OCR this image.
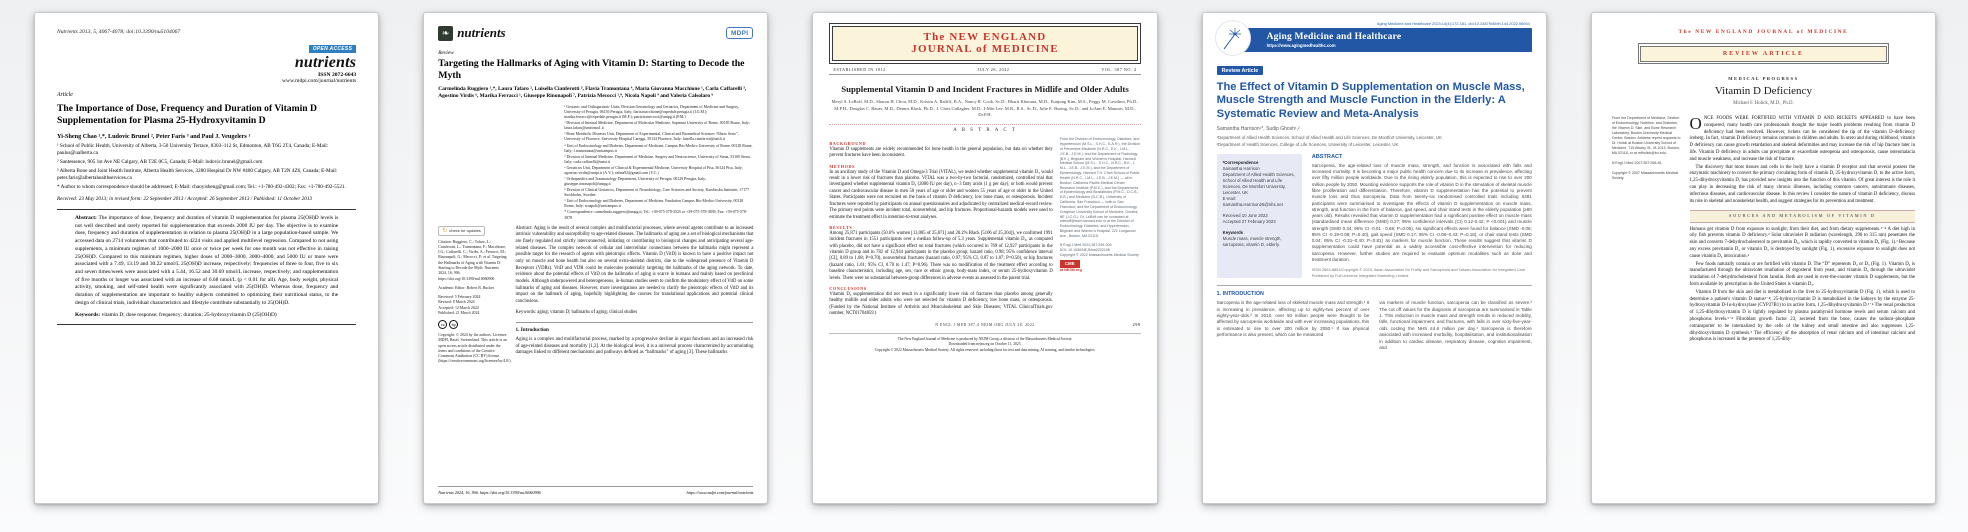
Nutrients 2013, 5, 4067-4078; doi:10.3390/nu5104067
OPEN ACCESS
nutrients
ISSN 2072-6643
www.mdpi.com/journal/nutrients
Article
The Importance of Dose, Frequency and Duration of Vitamin D Supplementation for Plasma 25-Hydroxyvitamin D
Yi-Sheng Chao ¹,*, Ludovic Brunel ², Peter Faris ³ and Paul J. Veugelers ¹
¹ School of Public Health, University of Alberta, 3-50 University Terrace, 8303–112 St, Edmonton, AB T6G 2T4, Canada; E-Mail: paulus@ualberta.ca
² Santessence, 905 1st Ave NE Calgary, AB T2E 0C5, Canada; E-Mail: ludovic.brunel@gmail.com
³ Alberta Bone and Joint Health Institute, Alberta Health Services, 3280 Hospital Dr NW #400 Calgary, AB T2N 4Z6, Canada; E-Mail: peter.faris@albertahealthservices.ca
* Author to whom correspondence should be addressed; E-Mail: chaoyisheng@gmail.com; Tel.: +1-780-492-4302; Fax: +1-780-492-5521.
Received: 23 May 2013; in revised form: 22 September 2013 / Accepted: 26 September 2013 / Published: 11 October 2013
Abstract: The importance of dose, frequency and duration of vitamin D supplementation for plasma 25(OH)D levels is not well described and rarely reported for supplementation that exceeds 2000 IU per day. The objective is to examine dose, frequency and duration of supplementation in relation to plasma 25(OH)D in a large population-based sample. We accessed data on 2714 volunteers that contributed to 4224 visits and applied multilevel regression. Compared to not using supplements, a minimum regimen of 1000–2000 IU once or twice per week for one month was not effective in raising 25(OH)D. Compared to this minimum regimen, higher doses of 2000–3000, 3000–4000, and 5000 IU or more were associated with a 7.49, 13.19 and 30.22 nmol/L 25(OH)D increase, respectively; frequencies of three to four, five to six and seven times/week were associated with a 5.44, 16.52 and 30.69 nmol/L increase, respectively; and supplementation of five months or longer was associated with an increase of 6.68 nmol/L (p < 0.01 for all). Age, body weight, physical activity, smoking, and self-rated health were significantly associated with 25(OH)D. Whereas dose, frequency and duration of supplementation are important to healthy subjects committed to optimizing their nutritional status, to the design of clinical trials, individual characteristics and lifestyle contribute substantially to 25(OH)D.
Keywords: vitamin D; dose response; frequency; duration; 25-hydroxyvitamin D (25(OH)D)
❧ nutrients	MDPI
Review
Targeting the Hallmarks of Aging with Vitamin D: Starting to Decode the Myth
Carmelinda Ruggiero ¹,*, Laura Tafaro ², Luisella Cianferotti ³, Flavia Tramontana ⁴, Maria Giovanna Macchione ¹, Carla Caffarelli ⁵, Agostino Virdis ⁶, Marika Ferracci ¹, Giuseppe Rinonapoli ⁷, Patrizia Mecocci ¹,⁸, Nicola Napoli ⁹ and Valeria Calsolaro ⁶
¹ Geriatric and Orthogeriatric Units, Division Gerontology and Geriatrics, Department of Medicine and Surgery, University of Perugia, 06156 Perugia, Italy; ilaria.macchione@ospedale.perugia.it (I.G.M.); marika.ferracci@ospedale.perugia.it (M.F.); patrizia.mecocci@unipg.it (P.M.)
² Division of Internal Medicine, Department of Molecular Medicine, Sapienza University of Rome, 00185 Rome, Italy; laura.tafaro@uniroma1.it
³ Bone Metabolic Diseases Unit, Department of Experimental, Clinical and Biomedical Sciences “Mario Serio”, University of Florence, University Hospital Careggi, 50134 Florence, Italy; luisella.cianferotti@unifi.it
⁴ Unit of Endocrinology and Diabetes, Department of Medicine, Campus Bio-Medico University of Rome, 00128 Rome, Italy; f.tramontana@unicampus.it
⁵ Division of Internal Medicine, Department of Medicine, Surgery and Neuroscience, University of Siena, 53100 Siena, Italy; carla.caffarelli@unisi.it
⁶ Geriatrics Unit, Department of Clinical & Experimental Medicine, University Hospital of Pisa, 56124 Pisa, Italy; agostino.virdis@unipi.it (A.V.); valina92@gmail.com (V.C.)
⁷ Orthopaedics and Traumatology Department, University of Perugia, 06129 Perugia, Italy; giuseppe.rinonapoli@unipg.it
⁸ Division of Clinical Geriatrics, Department of Neurobiology, Care Sciences and Society, Karolinska Institutet, 17177 Stockholm, Sweden
⁹ Unit of Endocrinology and Diabetes, Department of Medicine, Fundation Campus Bio-Medico University, 00128 Rome, Italy; n.napoli@unicampus.it
* Correspondence: carmelinda.ruggiero@unipg.it; Tel.: +39-075-578-3525 or +39-075-578-3839; Fax: +39-075-578-3878
↻ check for updates
Citation: Ruggiero, C.; Tafaro, L.; Cianferotti, L.; Tramontana, F.; Macchione, I.G.; Caffarelli, C.; Virdis, A.; Ferracci, M.; Rinonapoli, G.; Mecocci, P.; et al. Targeting the Hallmarks of Aging with Vitamin D: Starting to Decode the Myth. Nutrients 2024, 16, 906. https://doi.org/10.3390/nu16060906
Academic Editor: Robert B. Rucker
Received: 5 February 2024
Revised: 8 March 2024
Accepted: 12 March 2024
Published: 21 March 2024
cc	by
Copyright: © 2024 by the authors. Licensee MDPI, Basel, Switzerland. This article is an open access article distributed under the terms and conditions of the Creative Commons Attribution (CC BY) license (https://creativecommons.org/licenses/by/4.0/).
Abstract: Aging is the result of several complex and multifactorial processes, where several agents contribute to an increased intrinsic vulnerability and susceptibility to age-related diseases. The hallmarks of aging are a set of biological mechanisms that are finely regulated and strictly interconnected, initiating or contributing to biological changes and anticipating several age-related diseases. The complex network of cellular and intercellular connections between the hallmarks might represent a possible target for the research of agents with pleiotropic effects. Vitamin D (VitD) is known to have a positive impact not only on muscle and bone health but also on several extra-skeletal districts, due to the widespread presence of Vitamin D Receptors (VDRs). VitD and VDR could be molecules potentially targeting the hallmarks of the aging network. To date, evidence about the potential effects of VitD on the hallmarks of aging is scarce in humans and mainly based on preclinical models. Although underpowered and heterogeneous, in-human studies seem to confirm the modulatory effect of VitD on some hallmarks of aging and diseases. However, more investigations are needed to clarify the pleiotropic effects of VitD and its impact on the hallmark of aging, hopefully highlighting the courses for translational applications and potential clinical conclusions.
Keywords: aging; vitamin D; hallmarks of aging; clinical studies
1. Introduction
Aging is a complex and multifactorial process, marked by a progressive decline in organ functions and an increased risk of age-related diseases and mortality [1,2]. At the biological level, it is a universal process characterized by accumulating damages linked to different mechanisms and pathways defined as “hallmarks” of aging [3]. These hallmarks
Nutrients 2024, 16, 906. https://doi.org/10.3390/nu16060906	https://www.mdpi.com/journal/nutrients
The NEW ENGLAND
JOURNAL of MEDICINE
ESTABLISHED IN 1812	JULY 28, 2022	VOL. 387 NO. 4
Supplemental Vitamin D and Incident Fractures in Midlife and Older Adults
Meryl S. LeBoff, M.D., Sharon H. Chou, M.D., Kristin A. Ratliff, B.A., Nancy R. Cook, Sc.D., Bharti Khurana, M.D., Eunjung Kim, M.S., Peggy M. Cawthon, Ph.D., M.P.H., Douglas C. Bauer, M.D., Dennis Black, Ph.D., J. Chris Gallagher, M.D., I-Min Lee, M.B., B.S., Sc.D., Julie E. Buring, Sc.D., and JoAnn E. Manson, M.D., Dr.P.H.
A B S T R A C T
BACKGROUND
Vitamin D supplements are widely recommended for bone health in the general population, but data on whether they prevent fractures have been inconsistent.
METHODS
In an ancillary study of the Vitamin D and Omega-3 Trial (VITAL), we tested whether supplemental vitamin D₃ would result in a lower risk of fractures than placebo. VITAL was a two-by-two factorial, randomized, controlled trial that investigated whether supplemental vitamin D₃ (2000 IU per day), n−3 fatty acids (1 g per day), or both would prevent cancer and cardiovascular disease in men 50 years of age or older and women 55 years of age or older in the United States. Participants were not recruited on the basis of vitamin D deficiency, low bone mass, or osteoporosis. Incident fractures were reported by participants on annual questionnaires and adjudicated by centralized medical-record review. The primary end points were incident total, nonvertebral, and hip fractures. Proportional-hazards models were used to estimate the treatment effect in intention-to-treat analyses.
RESULTS
Among 25,871 participants (50.6% women [13,085 of 25,871] and 20.2% Black [5106 of 25,304]), we confirmed 1991 incident fractures in 1551 participants over a median follow-up of 5.3 years. Supplemental vitamin D₃, as compared with placebo, did not have a significant effect on total fractures (which occurred in 769 of 12,927 participants in the vitamin D group and in 782 of 12,944 participants in the placebo group; hazard ratio, 0.98; 95% confidence interval [CI], 0.89 to 1.08; P=0.70), nonvertebral fractures (hazard ratio, 0.97; 95% CI, 0.87 to 1.07; P=0.50), or hip fractures (hazard ratio, 1.01; 95% CI, 0.70 to 1.47; P=0.96). There was no modification of the treatment effect according to baseline characteristics, including age, sex, race or ethnic group, body-mass index, or serum 25-hydroxyvitamin D levels. There were no substantial between-group differences in adverse events as assessed in the parent trial.
CONCLUSIONS
Vitamin D₃ supplementation did not result in a significantly lower risk of fractures than placebo among generally healthy midlife and older adults who were not selected for vitamin D deficiency, low bone mass, or osteoporosis. (Funded by the National Institute of Arthritis and Musculoskeletal and Skin Diseases; VITAL ClinicalTrials.gov number, NCT01704859.)
From the Division of Endocrinology, Diabetes, and Hypertension (M.S.L., S.H.C., K.A.R.), the Division of Preventive Medicine (N.R.C., E.K., I-M.L., J.E.B., J.E.M.), and the Department of Radiology (B.K.), Brigham and Women's Hospital, Harvard Medical School (M.S.L., S.H.C., N.R.C., B.K., I-M.L., J.E.B., J.E.M.), and the Department of Epidemiology, Harvard T.H. Chan School of Public Health (N.R.C., I-M.L., J.E.B., J.E.M.) — all in Boston; California Pacific Medical Center Research Institute (P.M.C.), and the Departments of Epidemiology and Biostatistics (P.M.C., D.C.B., D.B.) and Medicine (D.C.B.), University of California, San Francisco — both in San Francisco; and the Department of Endocrinology, Creighton University School of Medicine, Omaha, NE (J.C.G.). Dr. LeBoff can be contacted at mleboff@bwh.harvard.edu or at the Division of Endocrinology, Diabetes, and Hypertension, Brigham and Women's Hospital, 221 Longwood Ave., Boston, MA 02115.
N Engl J Med 2022;387:299-309.
DOI: 10.1056/NEJMoa2202106
Copyright © 2022 Massachusetts Medical Society.
CME
at NEJM.org
N ENGL J MED 387;4 NEJM.ORG JULY 28, 2022	299
The New England Journal of Medicine is produced by NEJM Group, a division of the Massachusetts Medical Society.
Downloaded from nejm.org on October 11, 2025.
Copyright © 2022 Massachusetts Medical Society. All rights reserved, including those for text and data mining, AI training, and similar technologies.
Aging Medicine and Healthcare 2023;14(4):172-181. doi:10.33879/AMH.144.2022.06054
Aging Medicine and Healthcare
https://www.agingmedhealthc.com
Review Article
The Effect of Vitamin D Supplementation on Muscle Mass, Muscle Strength and Muscle Function in the Elderly: A Systematic Review and Meta-Analysis
Samantha Harrison¹*, Sudip Ghosh¹,²
¹Department of Allied Health Sciences, School of Allied Health and Life Sciences, De Montfort University, Leicester, UK
²Department of Health Sciences, College of Life Sciences, University of Leicester, Leicester, UK
*Correspondence
Samantha Harrison
Department of Allied Health Sciences, School of Allied Health and Life Sciences, De Montfort University, Leicester, UK
E-mail: Samantha.Harrison25@nhs.net
Received 10 June 2022
Accepted 27 February 2023
Keywords
Muscle mass, muscle strength, sarcopenia, vitamin D, elderly.
ABSTRACT
Sarcopenia, the age-related loss of muscle mass, strength, and function is associated with falls and increased mortality. It is becoming a major public health concern due to its increase in prevalence, affecting over fifty million people worldwide. Due to the rising elderly population, this is expected to rise to over 200 million people by 2050. Mounting evidence supports the role of vitamin D in the stimulation of skeletal muscle fibre proliferation and differentiation. Therefore, vitamin D supplementation has the potential to prevent muscle loss and thus sarcopenia. Data from twenty-six randomised controlled trials including 6481 participants were summarised to investigate the effects of vitamin D supplementation on muscle mass, strength, and function in the form of balance, gait speed, and chair stand tests in the elderly population (≥60 years old). Results revealed that vitamin D supplementation had a significant positive effect on muscle mass (standardised mean difference (SMD) 0.27; 95% confidence intervals (CI) 0.12-0.42; P <0.001) and muscle strength (SMD 0.34; 95% CI -0.01 - 0.69; P=0.05). No significant effects were found for balance (SMD -0.06; 95% CI -0.19-0.08; P=0.40), gait speed (SMD 0.17; 95% CI -0.08–0.43; P=0.18), or chair stand tests (SMD 0.04; 95% CI -0.31–0.40; P=0.81) as markers for muscle function. These results suggest that vitamin D supplementation could have potential as a widely accessible cost-effective intervention for reducing sarcopenia. However, further studies are required to evaluate optimum modalities such as dose and treatment duration.
ISSN 2663-8851/Copyright © 2023, Asian Association for Frailty and Sarcopenia and Taiwan Association for Integrated Care. Published by Full Universe Integrated Marketing Limited.
1. INTRODUCTION
Sarcopenia is the age-related loss of skeletal muscle mass and strength.¹ It is increasing in prevalence, affecting up to eighty-two percent of over eighty-year-olds.² In 2010, over 50 million people were thought to be affected by sarcopenia worldwide and with ever increasing populations, this is estimated to rise to over 200 million by 2050.¹ If low physical performance is also present, which can be measured
via markers of muscle function, sarcopenia can be classified as severe.³ The cut off values for the diagnosis of sarcopenia are summarised in Table 1. This reduction in muscle mass and strength results in reduced mobility, falls, functional impairment, and fractures, with falls in over sixty-five-year-olds costing the NHS £4.6 million per day.⁴ Sarcopenia is therefore associated with increased morbidity, hospitalisation, and institutionalisation in addition to cardiac disease, respiratory disease, cognitive impairment, and
The NEW ENGLAND JOURNAL of MEDICINE
REVIEW ARTICLE
MEDICAL PROGRESS
Vitamin D Deficiency
Michael F. Holick, M.D., Ph.D.
From the Department of Medicine, Section of Endocrinology, Nutrition, and Diabetes, the Vitamin D, Skin, and Bone Research Laboratory, Boston University Medical Center, Boston. Address reprint requests to Dr. Holick at Boston University School of Medicine, 715 Albany St., M-1013, Boston, MA 02118, or at mfholick@bu.edu.
N Engl J Med 2007;357:266-81.
Copyright © 2007 Massachusetts Medical Society.

ONCE FOODS WERE FORTIFIED WITH VITAMIN D AND RICKETS APPEARED to have been conquered, many health care professionals thought the major health problems resulting from vitamin D deficiency had been resolved. However, rickets can be considered the tip of the vitamin D–deficiency iceberg. In fact, vitamin D deficiency remains common in children and adults. In utero and during childhood, vitamin D deficiency can cause growth retardation and skeletal deformities and may increase the risk of hip fracture later in life. Vitamin D deficiency in adults can precipitate or exacerbate osteopenia and osteoporosis, cause osteomalacia and muscle weakness, and increase the risk of fracture.

The discovery that most tissues and cells in the body have a vitamin D receptor and that several possess the enzymatic machinery to convert the primary circulating form of vitamin D, 25-hydroxyvitamin D, to the active form, 1,25-dihydroxyvitamin D, has provided new insights into the function of this vitamin. Of great interest is the role it can play in decreasing the risk of many chronic illnesses, including common cancers, autoimmune diseases, infectious diseases, and cardiovascular disease. In this review I consider the nature of vitamin D deficiency, discuss its role in skeletal and nonskeletal health, and suggest strategies for its prevention and treatment.

SOURCES AND METABOLISM OF VITAMIN D

Humans get vitamin D from exposure to sunlight, from their diet, and from dietary supplements.¹⁻⁴ A diet high in oily fish prevents vitamin D deficiency.³ Solar ultraviolet B radiation (wavelength, 290 to 315 nm) penetrates the skin and converts 7-dehydrocholesterol to previtamin D₃, which is rapidly converted to vitamin D₃ (Fig. 1).¹ Because any excess previtamin D₃ or vitamin D₃ is destroyed by sunlight (Fig. 1), excessive exposure to sunlight does not cause vitamin D₃ intoxication.²

Few foods naturally contain or are fortified with vitamin D. The “D” represents D₂ or D₃ (Fig. 1). Vitamin D₂ is manufactured through the ultraviolet irradiation of ergosterol from yeast, and vitamin D₃ through the ultraviolet irradiation of 7-dehydrocholesterol from lanolin. Both are used in over-the-counter vitamin D supplements, but the form available by prescription in the United States is vitamin D₃.

Vitamin D from the skin and diet is metabolized in the liver to 25-hydroxyvitamin D (Fig. 1), which is used to determine a patient's vitamin D status¹⁻⁴; 25-hydroxyvitamin D is metabolized in the kidneys by the enzyme 25-hydroxyvitamin D-1α-hydroxylase (CYP27B1) to its active form, 1,25-dihydroxyvitamin D.¹⁻⁴ The renal production of 1,25-dihydroxyvitamin D is tightly regulated by plasma parathyroid hormone levels and serum calcium and phosphorus levels.¹⁻⁴ Fibroblast growth factor 23, secreted from the bone, causes the sodium–phosphate cotransporter to be internalized by the cells of the kidney and small intestine and also suppresses 1,25-dihydroxyvitamin D synthesis.⁵ The efficiency of the absorption of renal calcium and of intestinal calcium and phosphorus is increased in the presence of 1,25-dihy-
